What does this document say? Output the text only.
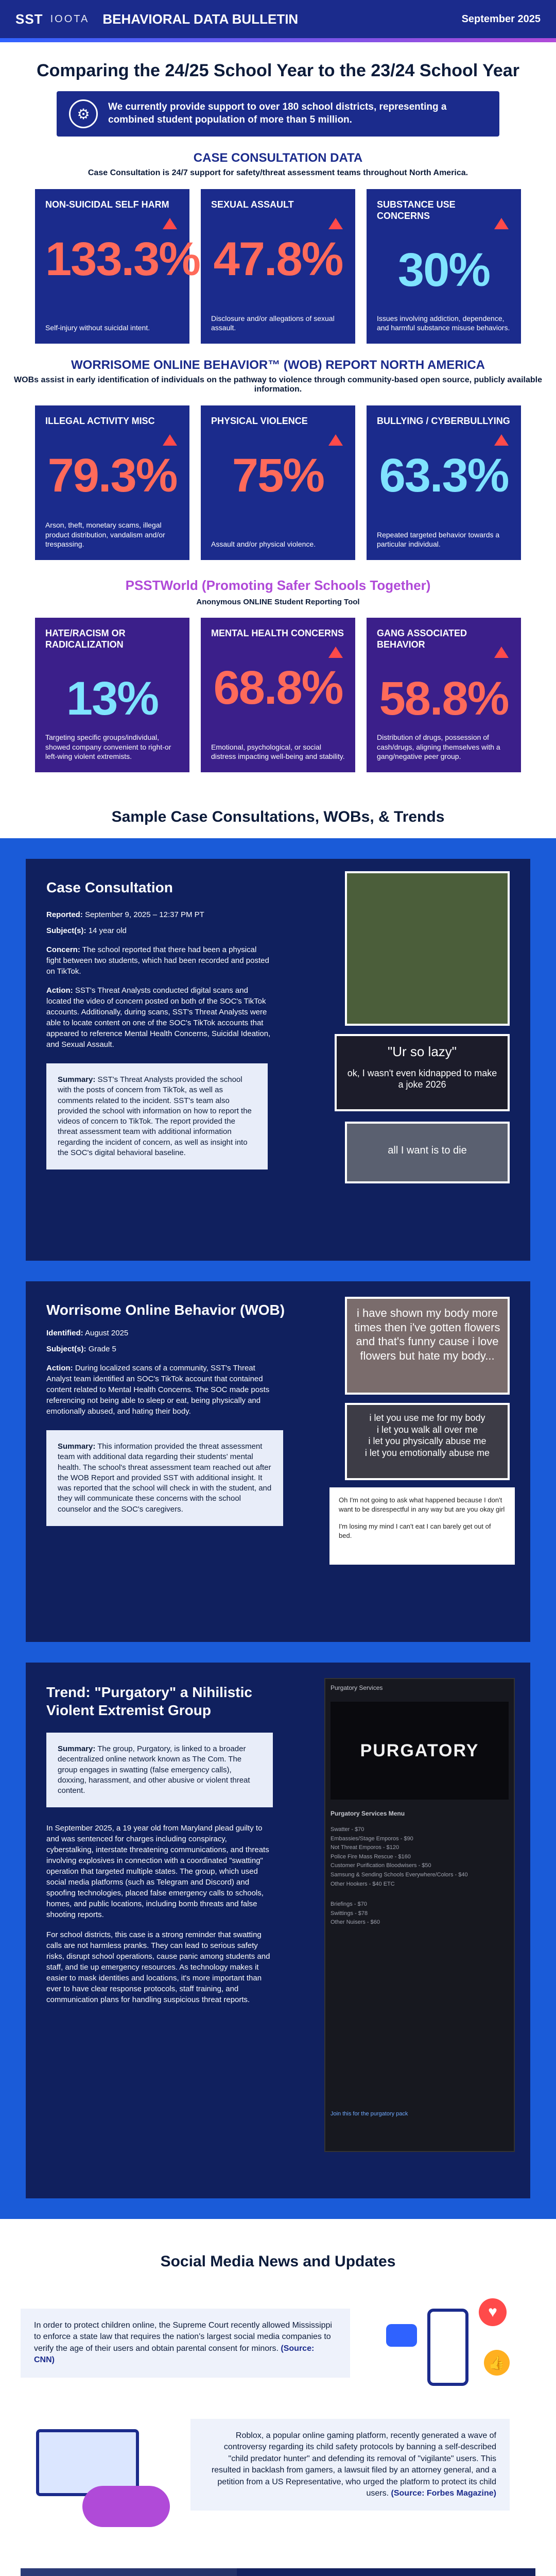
SST IOOTA BEHAVIORAL DATA BULLETIN	September 2025
Comparing the 24/25 School Year to the 23/24 School Year
⚙	We currently provide support to over 180 school districts, representing a combined student population of more than 5 million.

CASE CONSULTATION DATA
Case Consultation is 24/7 support for safety/threat assessment teams throughout North America.
NON-SUICIDAL SELF HARM
133.3%
Self-injury without suicidal intent.
SEXUAL ASSAULT
47.8%
Disclosure and/or allegations of sexual assault.
SUBSTANCE USE CONCERNS
30%
Issues involving addiction, dependence, and harmful substance misuse behaviors.
WORRISOME ONLINE BEHAVIOR™ (WOB) REPORT NORTH AMERICA
WOBs assist in early identification of individuals on the pathway to violence through community-based open source, publicly available information.
ILLEGAL ACTIVITY MISC
79.3%
Arson, theft, monetary scams, illegal product distribution, vandalism and/or trespassing.
PHYSICAL VIOLENCE
75%
Assault and/or physical violence.
BULLYING / CYBERBULLYING
63.3%
Repeated targeted behavior towards a particular individual.
PSSTWorld (Promoting Safer Schools Together)
Anonymous ONLINE Student Reporting Tool
HATE/RACISM OR RADICALIZATION
13%
Targeting specific groups/individual, showed company convenient to right-or left-wing violent extremists.
MENTAL HEALTH CONCERNS
68.8%
Emotional, psychological, or social distress impacting well-being and stability.
GANG ASSOCIATED BEHAVIOR
58.8%
Distribution of drugs, possession of cash/drugs, aligning themselves with a gang/negative peer group.
Sample Case Consultations, WOBs, & Trends
Case Consultation

Reported: September 9, 2025 – 12:37 PM PT

Subject(s): 14 year old

Concern: The school reported that there had been a physical fight between two students, which had been recorded and posted on TikTok.

Action: SST's Threat Analysts conducted digital scans and located the video of concern posted on both of the SOC's TikTok accounts. Additionally, during scans, SST's Threat Analysts were able to locate content on one of the SOC's TikTok accounts that appeared to reference Mental Health Concerns, Suicidal Ideation, and Sexual Assault.

Summary: SST's Threat Analysts provided the school with the posts of concern from TikTok, as well as comments related to the incident. SST's team also provided the school with information on how to report the videos of concern to TikTok. The report provided the threat assessment team with additional information regarding the incident of concern, as well as insight into the SOC's digital behavioral baseline.
"Ur so lazy"
ok, I wasn't even kidnapped to make a joke 2026
all I want is to die
Worrisome Online Behavior (WOB)

Identified: August 2025

Subject(s): Grade 5

Action: During localized scans of a community, SST's Threat Analyst team identified an SOC's TikTok account that contained content related to Mental Health Concerns. The SOC made posts referencing not being able to sleep or eat, being physically and emotionally abused, and hating their body.

Summary: This information provided the threat assessment team with additional data regarding their students' mental health. The school's threat assessment team reached out after the WOB Report and provided SST with additional insight. It was reported that the school will check in with the student, and they will communicate these concerns with the school counselor and the SOC's caregivers.
i have shown my body more times then i've gotten flowers and that's funny cause i love flowers but hate my body...
i let you use me for my body
i let you walk all over me
i let you physically abuse me
i let you emotionally abuse me

Oh I'm not going to ask what happened because I don't want to be disrespectful in any way but are you okay girl

I'm losing my mind I can't eat I can barely get out of bed.

Trend: "Purgatory" a Nihilistic Violent Extremist Group
Summary: The group, Purgatory, is linked to a broader decentralized online network known as The Com. The group engages in swatting (false emergency calls), doxxing, harassment, and other abusive or violent threat content.

In September 2025, a 19 year old from Maryland plead guilty to and was sentenced for charges including conspiracy, cyberstalking, interstate threatening communications, and threats involving explosives in connection with a coordinated "swatting" operation that targeted multiple states. The group, which used social media platforms (such as Telegram and Discord) and spoofing technologies, placed false emergency calls to schools, homes, and public locations, including bomb threats and false shooting reports.

For school districts, this case is a strong reminder that swatting calls are not harmless pranks. They can lead to serious safety risks, disrupt school operations, cause panic among students and staff, and tie up emergency resources. As technology makes it easier to mask identities and locations, it's more important than ever to have clear response protocols, staff training, and communication plans for handling suspicious threat reports.

Purgatory Services

PURGATORY

Purgatory Services Menu

Swatter - $70
Embassies/Stage Emporos - $90
Not Threat Emporos - $120
Police Fire Mass Rescue - $160
Customer Purification Bloodwisers - $50
Samsung & Sending Schools Everywhere/Colors - $40
Other Hookers - $40 ETC

Briefings - $70
Swittings - $78
Other Nuisers - $60

Join this for the purgatory pack

Social Media News and Updates
In order to protect children online, the Supreme Court recently allowed Mississippi to enforce a state law that requires the nation's largest social media companies to verify the age of their users and obtain parental consent for minors. (Source: CNN)
♥
👍
Roblox, a popular online gaming platform, recently generated a wave of controversy regarding its child safety protocols by banning a self-described "child predator hunter" and defending its removal of "vigilante" users. This resulted in backlash from gamers, a lawsuit filed by an attorney general, and a petition from a US Representative, who urged the platform to protect its child users. (Source: Forbes Magazine)
